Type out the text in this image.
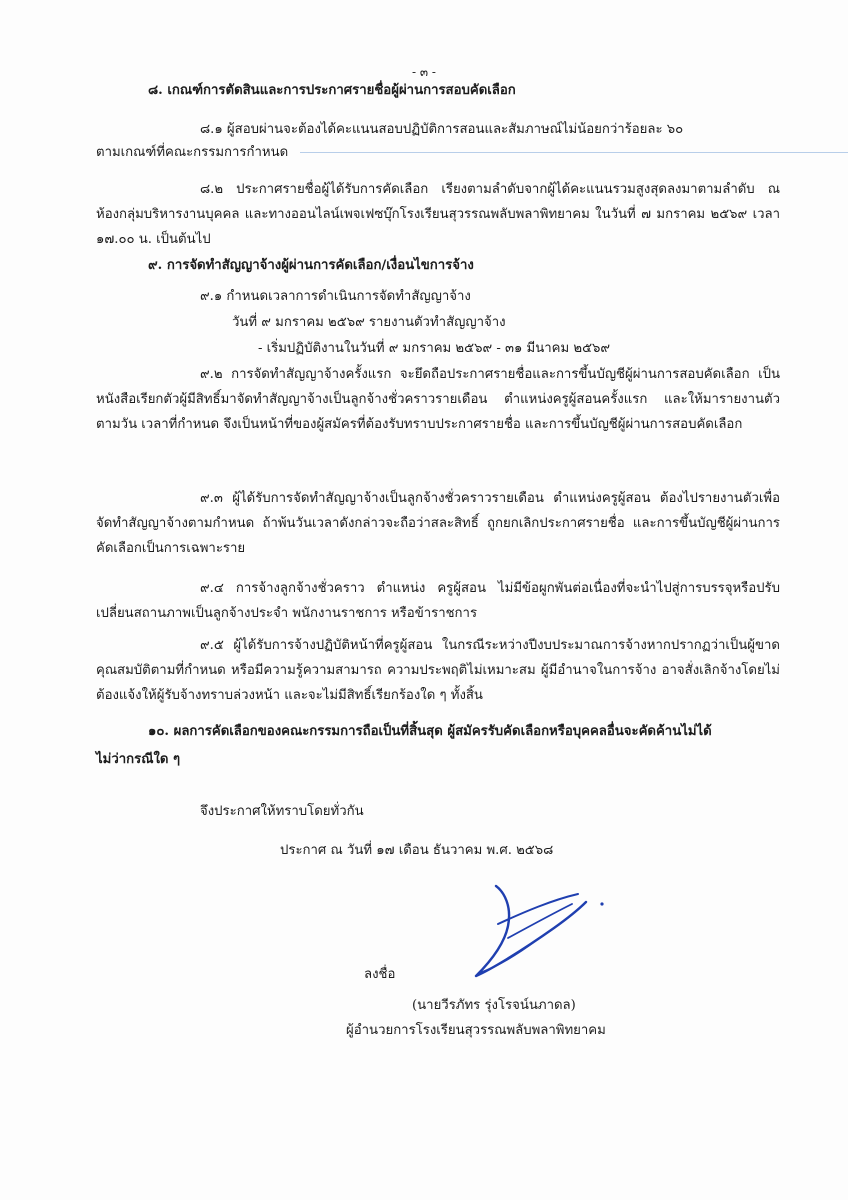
- ๓ -
๘. เกณฑ์การตัดสินและการประกาศรายชื่อผู้ผ่านการสอบคัดเลือก
๘.๑ ผู้สอบผ่านจะต้องได้คะแนนสอบปฏิบัติการสอนและสัมภาษณ์ไม่น้อยกว่าร้อยละ ๖๐
ตามเกณฑ์ที่คณะกรรมการกำหนด
๘.๒ ประกาศรายชื่อผู้ได้รับการคัดเลือก เรียงตามลำดับจากผู้ได้คะแนนรวมสูงสุดลงมาตามลำดับ ณ ห้องกลุ่มบริหารงานบุคคล และทางออนไลน์เพจเฟซบุ๊กโรงเรียนสุวรรณพลับพลาพิทยาคม ในวันที่ ๗ มกราคม ๒๕๖๙ เวลา ๑๗.๐๐ น. เป็นต้นไป
๙. การจัดทำสัญญาจ้างผู้ผ่านการคัดเลือก/เงื่อนไขการจ้าง
๙.๑ กำหนดเวลาการดำเนินการจัดทำสัญญาจ้าง
วันที่ ๙ มกราคม ๒๕๖๙ รายงานตัวทำสัญญาจ้าง
- เริ่มปฏิบัติงานในวันที่ ๙ มกราคม ๒๕๖๙ - ๓๑ มีนาคม ๒๕๖๙
๙.๒ การจัดทำสัญญาจ้างครั้งแรก จะยึดถือประกาศรายชื่อและการขึ้นบัญชีผู้ผ่านการสอบคัดเลือก เป็นหนังสือเรียกตัวผู้มีสิทธิ์มาจัดทำสัญญาจ้างเป็นลูกจ้างชั่วคราวรายเดือน ตำแหน่งครูผู้สอนครั้งแรก และให้มารายงานตัว ตามวัน เวลาที่กำหนด จึงเป็นหน้าที่ของผู้สมัครที่ต้องรับทราบประกาศรายชื่อ และการขึ้นบัญชีผู้ผ่านการสอบคัดเลือก
๙.๓ ผู้ได้รับการจัดทำสัญญาจ้างเป็นลูกจ้างชั่วคราวรายเดือน ตำแหน่งครูผู้สอน ต้องไปรายงานตัวเพื่อจัดทำสัญญาจ้างตามกำหนด ถ้าพ้นวันเวลาดังกล่าวจะถือว่าสละสิทธิ์ ถูกยกเลิกประกาศรายชื่อ และการขึ้นบัญชีผู้ผ่านการคัดเลือกเป็นการเฉพาะราย
๙.๔ การจ้างลูกจ้างชั่วคราว ตำแหน่ง ครูผู้สอน ไม่มีข้อผูกพันต่อเนื่องที่จะนำไปสู่การบรรจุหรือปรับเปลี่ยนสถานภาพเป็นลูกจ้างประจำ พนักงานราชการ หรือข้าราชการ
๙.๕ ผู้ได้รับการจ้างปฏิบัติหน้าที่ครูผู้สอน ในกรณีระหว่างปีงบประมาณการจ้างหากปรากฏว่าเป็นผู้ขาดคุณสมบัติตามที่กำหนด หรือมีความรู้ความสามารถ ความประพฤติไม่เหมาะสม ผู้มีอำนาจในการจ้าง อาจสั่งเลิกจ้างโดยไม่ต้องแจ้งให้ผู้รับจ้างทราบล่วงหน้า และจะไม่มีสิทธิ์เรียกร้องใด ๆ ทั้งสิ้น
๑๐. ผลการคัดเลือกของคณะกรรมการถือเป็นที่สิ้นสุด ผู้สมัครรับคัดเลือกหรือบุคคลอื่นจะคัดค้านไม่ได้
ไม่ว่ากรณีใด ๆ
จึงประกาศให้ทราบโดยทั่วกัน
ประกาศ ณ วันที่ ๑๗ เดือน ธันวาคม พ.ศ. ๒๕๖๘
ลงชื่อ
(นายวีรภัทร รุ่งโรจน์นภาดล)
ผู้อำนวยการโรงเรียนสุวรรณพลับพลาพิทยาคม
